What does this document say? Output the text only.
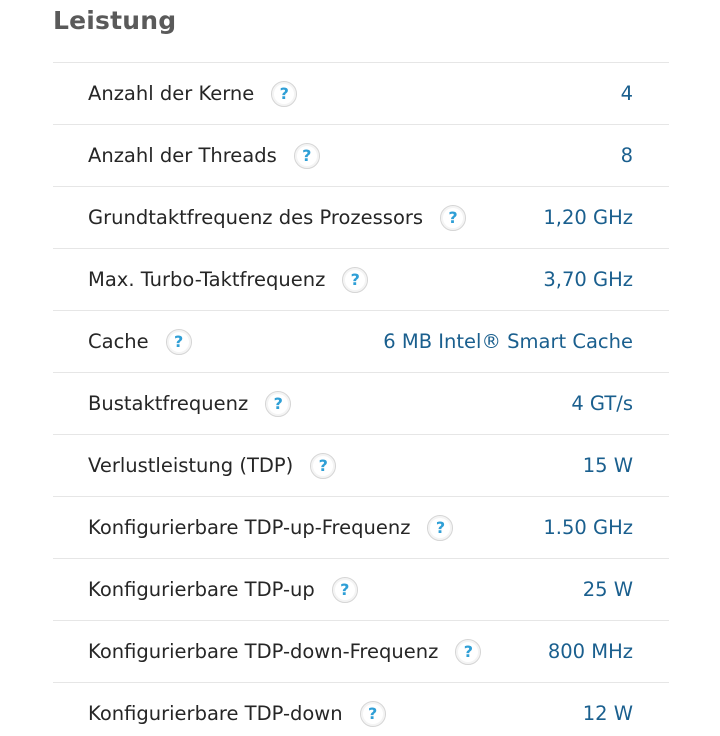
Leistung
Anzahl der Kerne	?	4
Anzahl der Threads	?	8
Grundtaktfrequenz des Prozessors	?	1,20 GHz
Max. Turbo-Taktfrequenz	?	3,70 GHz
Cache	?	6 MB Intel® Smart Cache
Bustaktfrequenz	?	4 GT/s
Verlustleistung (TDP)	?	15 W
Konfigurierbare TDP-up-Frequenz	?	1.50 GHz
Konfigurierbare TDP-up	?	25 W
Konfigurierbare TDP-down-Frequenz	?	800 MHz
Konfigurierbare TDP-down	?	12 W
